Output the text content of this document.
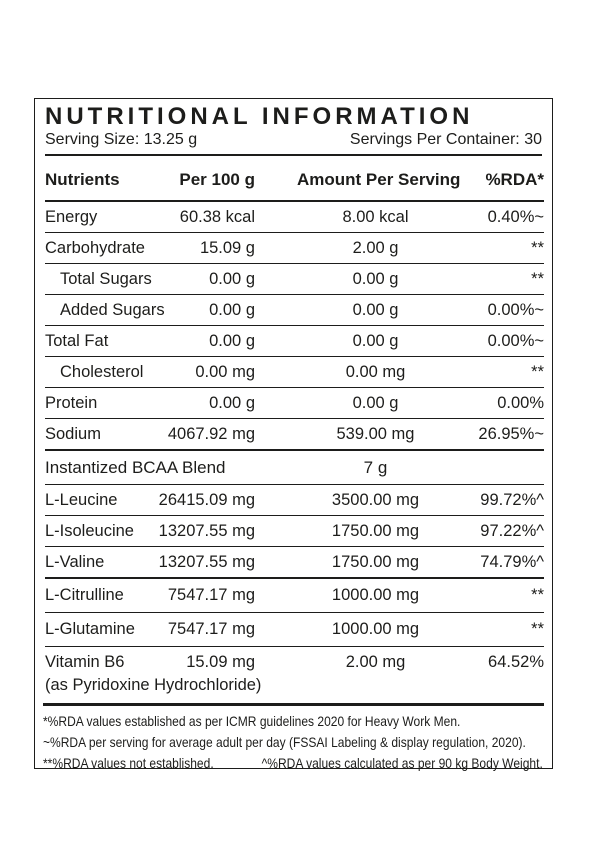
NUTRITIONAL INFORMATION
Serving Size: 13.25 g	Servings Per Container: 30
Nutrients	Per 100 g	Amount Per Serving	%RDA*
Energy	60.38 kcal	8.00 kcal	0.40%~
Carbohydrate	15.09 g	2.00 g	**
Total Sugars	0.00 g	0.00 g	**
Added Sugars	0.00 g	0.00 g	0.00%~
Total Fat	0.00 g	0.00 g	0.00%~
Cholesterol	0.00 mg	0.00 mg	**
Protein	0.00 g	0.00 g	0.00%
Sodium	4067.92 mg	539.00 mg	26.95%~
Instantized BCAA Blend		7 g	
L-Leucine	26415.09 mg	3500.00 mg	99.72%^
L-Isoleucine	13207.55 mg	1750.00 mg	97.22%^
L-Valine	13207.55 mg	1750.00 mg	74.79%^
L-Citrulline	7547.17 mg	1000.00 mg	**
L-Glutamine	7547.17 mg	1000.00 mg	**

Vitamin B6
(as Pyridoxine Hydrochloride)	15.09 mg	2.00 mg	64.52%
*%RDA values established as per ICMR guidelines 2020 for Heavy Work Men.
~%RDA per serving for average adult per day (FSSAI Labeling & display regulation, 2020).
**%RDA values not established.	^%RDA values calculated as per 90 kg Body Weight.
